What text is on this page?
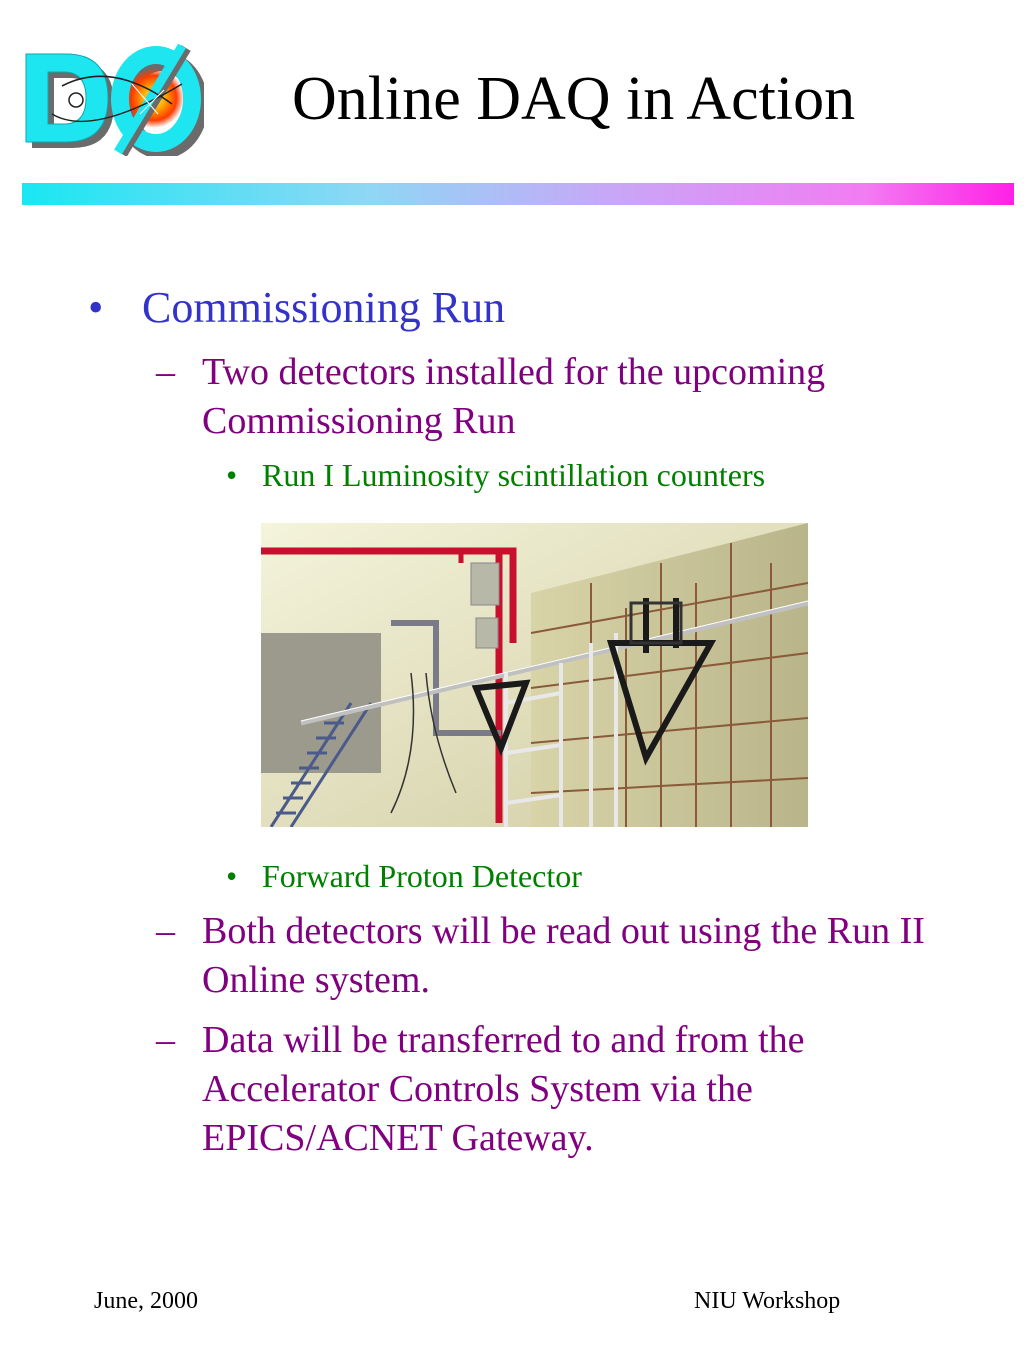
Online DAQ in Action
• Commissioning Run
– Two detectors installed for the upcoming Commissioning Run
• Run I Luminosity scintillation counters
• Forward Proton Detector
– Both detectors will be read out using the Run II Online system.
– Data will be transferred to and from the Accelerator Controls System via the EPICS/ACNET Gateway.
June, 2000	NIU Workshop
